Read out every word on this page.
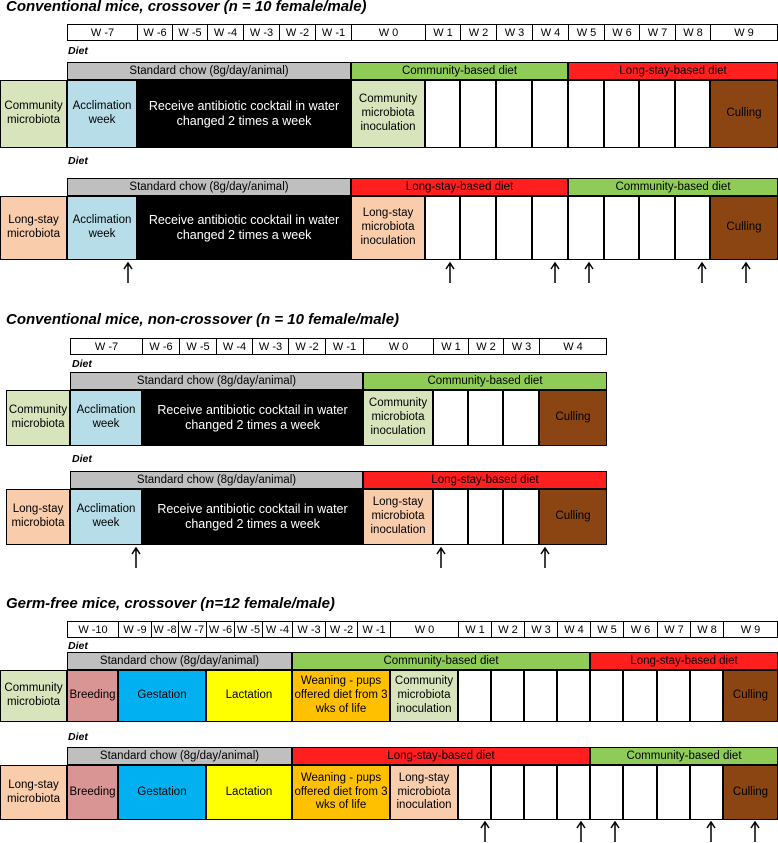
Conventional mice, crossover (n = 10 female/male)
W -7	W -6	W -5	W -4	W -3	W -2	W -1	W 0	W 1	W 2	W 3	W 4	W 5	W 6	W 7	W 8	W 9
Diet
Standard chow (8g/day/animal)	Community-based diet	Long-stay-based diet
Community microbiota
Acclimation week
Receive antibiotic cocktail in water changed 2 times a week
Community microbiota inoculation
Culling
Diet
Standard chow (8g/day/animal)	Long-stay-based diet	Community-based diet
Long-stay microbiota
Acclimation week
Receive antibiotic cocktail in water changed 2 times a week
Long-stay microbiota inoculation
Culling
Conventional mice, non-crossover (n = 10 female/male)
W -7	W -6	W -5	W -4	W -3	W -2	W -1	W 0	W 1	W 2	W 3	W 4
Diet
Standard chow (8g/day/animal)	Community-based diet
Community microbiota
Acclimation week
Receive antibiotic cocktail in water changed 2 times a week
Community microbiota inoculation
Culling
Diet
Standard chow (8g/day/animal)	Long-stay-based diet
Long-stay microbiota
Acclimation week
Receive antibiotic cocktail in water changed 2 times a week
Long-stay microbiota inoculation
Culling
Germ-free mice, crossover (n=12 female/male)
W -10	W -9 W -8 W -7 W -6 W -5 W -4 W -3 W -2 W -1	W 0	W 1	W 2	W 3	W 4	W 5	W 6	W 7	W 8	W 9
Diet
Standard chow (8g/day/animal)	Community-based diet	Long-stay-based diet
Community microbiota
Breeding	Gestation	Lactation
Weaning - pups offered diet from 3 wks of life
Community microbiota inoculation
Culling
Diet
Standard chow (8g/day/animal)	Long-stay-based diet	Community-based diet
Long-stay microbiota
Breeding	Gestation	Lactation
Weaning - pups offered diet from 3 wks of life
Long-stay microbiota inoculation
Culling
